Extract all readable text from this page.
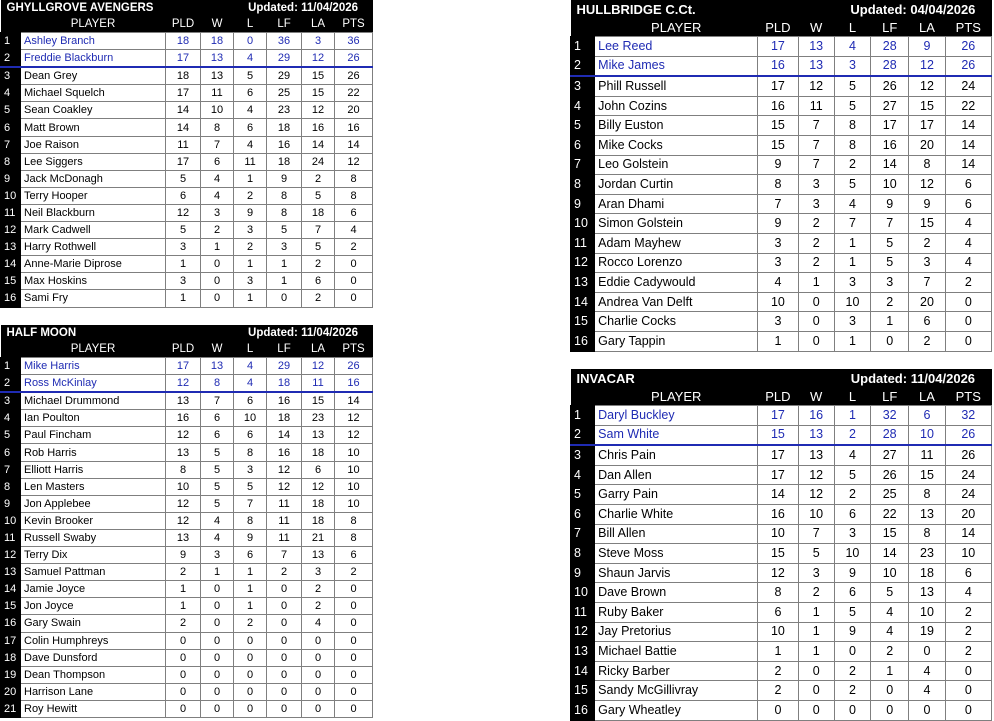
GHYLLGROVE AVENGERS				Updated: 11/04/2026			
	PLAYER	PLD	W	L	LF	LA	PTS
1	Ashley Branch	18	18	0	36	3	36
2	Freddie Blackburn	17	13	4	29	12	26
3	Dean Grey	18	13	5	29	15	26
4	Michael Squelch	17	11	6	25	15	22
5	Sean Coakley	14	10	4	23	12	20
6	Matt Brown	14	8	6	18	16	16
7	Joe Raison	11	7	4	16	14	14
8	Lee Siggers	17	6	11	18	24	12
9	Jack McDonagh	5	4	1	9	2	8
10	Terry Hooper	6	4	2	8	5	8
11	Neil Blackburn	12	3	9	8	18	6
12	Mark Cadwell	5	2	3	5	7	4
13	Harry Rothwell	3	1	2	3	5	2
14	Anne-Marie Diprose	1	0	1	1	2	0
15	Max Hoskins	3	0	3	1	6	0
16	Sami Fry	1	0	1	0	2	0
HALF MOON				Updated: 11/04/2026			
	PLAYER	PLD	W	L	LF	LA	PTS
1	Mike Harris	17	13	4	29	12	26
2	Ross McKinlay	12	8	4	18	11	16
3	Michael Drummond	13	7	6	16	15	14
4	Ian Poulton	16	6	10	18	23	12
5	Paul Fincham	12	6	6	14	13	12
6	Rob Harris	13	5	8	16	18	10
7	Elliott Harris	8	5	3	12	6	10
8	Len Masters	10	5	5	12	12	10
9	Jon Applebee	12	5	7	11	18	10
10	Kevin Brooker	12	4	8	11	18	8
11	Russell Swaby	13	4	9	11	21	8
12	Terry Dix	9	3	6	7	13	6
13	Samuel Pattman	2	1	1	2	3	2
14	Jamie Joyce	1	0	1	0	2	0
15	Jon Joyce	1	0	1	0	2	0
16	Gary Swain	2	0	2	0	4	0
17	Colin Humphreys	0	0	0	0	0	0
18	Dave Dunsford	0	0	0	0	0	0
19	Dean Thompson	0	0	0	0	0	0
20	Harrison Lane	0	0	0	0	0	0
21	Roy Hewitt	0	0	0	0	0	0
HULLBRIDGE C.Ct.				Updated: 04/04/2026			
	PLAYER	PLD	W	L	LF	LA	PTS
1	Lee Reed	17	13	4	28	9	26
2	Mike James	16	13	3	28	12	26
3	Phill Russell	17	12	5	26	12	24
4	John Cozins	16	11	5	27	15	22
5	Billy Euston	15	7	8	17	17	14
6	Mike Cocks	15	7	8	16	20	14
7	Leo Golstein	9	7	2	14	8	14
8	Jordan Curtin	8	3	5	10	12	6
9	Aran Dhami	7	3	4	9	9	6
10	Simon Golstein	9	2	7	7	15	4
11	Adam Mayhew	3	2	1	5	2	4
12	Rocco Lorenzo	3	2	1	5	3	4
13	Eddie Cadywould	4	1	3	3	7	2
14	Andrea Van Delft	10	0	10	2	20	0
15	Charlie Cocks	3	0	3	1	6	0
16	Gary Tappin	1	0	1	0	2	0
INVACAR				Updated: 11/04/2026			
	PLAYER	PLD	W	L	LF	LA	PTS
1	Daryl Buckley	17	16	1	32	6	32
2	Sam White	15	13	2	28	10	26
3	Chris Pain	17	13	4	27	11	26
4	Dan Allen	17	12	5	26	15	24
5	Garry Pain	14	12	2	25	8	24
6	Charlie White	16	10	6	22	13	20
7	Bill Allen	10	7	3	15	8	14
8	Steve Moss	15	5	10	14	23	10
9	Shaun Jarvis	12	3	9	10	18	6
10	Dave Brown	8	2	6	5	13	4
11	Ruby Baker	6	1	5	4	10	2
12	Jay Pretorius	10	1	9	4	19	2
13	Michael Battie	1	1	0	2	0	2
14	Ricky Barber	2	0	2	1	4	0
15	Sandy McGillivray	2	0	2	0	4	0
16	Gary Wheatley	0	0	0	0	0	0
